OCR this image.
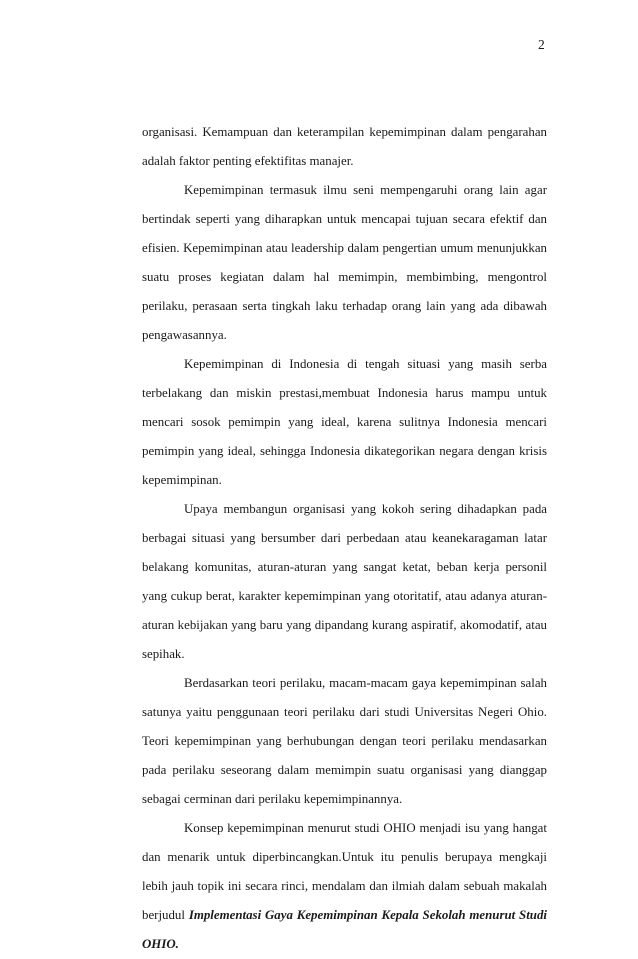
2

organisasi. Kemampuan dan keterampilan kepemimpinan dalam pengarahan adalah faktor penting efektifitas manajer.

Kepemimpinan termasuk ilmu seni mempengaruhi orang lain agar bertindak seperti yang diharapkan untuk mencapai tujuan secara efektif dan efisien. Kepemimpinan atau leadership dalam pengertian umum menunjukkan suatu proses kegiatan dalam hal memimpin, membimbing, mengontrol perilaku, perasaan serta tingkah laku terhadap orang lain yang ada dibawah pengawasannya.

Kepemimpinan di Indonesia di tengah situasi yang masih serba terbelakang dan miskin prestasi,membuat Indonesia harus mampu untuk mencari sosok pemimpin yang ideal, karena sulitnya Indonesia mencari pemimpin yang ideal, sehingga Indonesia dikategorikan negara dengan krisis kepemimpinan.

Upaya membangun organisasi yang kokoh sering dihadapkan pada berbagai situasi yang bersumber dari perbedaan atau keanekaragaman latar belakang komunitas, aturan-aturan yang sangat ketat, beban kerja personil yang cukup berat, karakter kepemimpinan yang otoritatif, atau adanya aturan-aturan kebijakan yang baru yang dipandang kurang aspiratif, akomodatif, atau sepihak.

Berdasarkan teori perilaku, macam-macam gaya kepemimpinan salah satunya yaitu penggunaan teori perilaku dari studi Universitas Negeri Ohio. Teori kepemimpinan yang berhubungan dengan teori perilaku mendasarkan pada perilaku seseorang dalam memimpin suatu organisasi yang dianggap sebagai cerminan dari perilaku kepemimpinannya.

Konsep kepemimpinan menurut studi OHIO menjadi isu yang hangat dan menarik untuk diperbincangkan.Untuk itu penulis berupaya mengkaji lebih jauh topik ini secara rinci, mendalam dan ilmiah dalam sebuah makalah berjudul Implementasi Gaya Kepemimpinan Kepala Sekolah menurut Studi OHIO.
